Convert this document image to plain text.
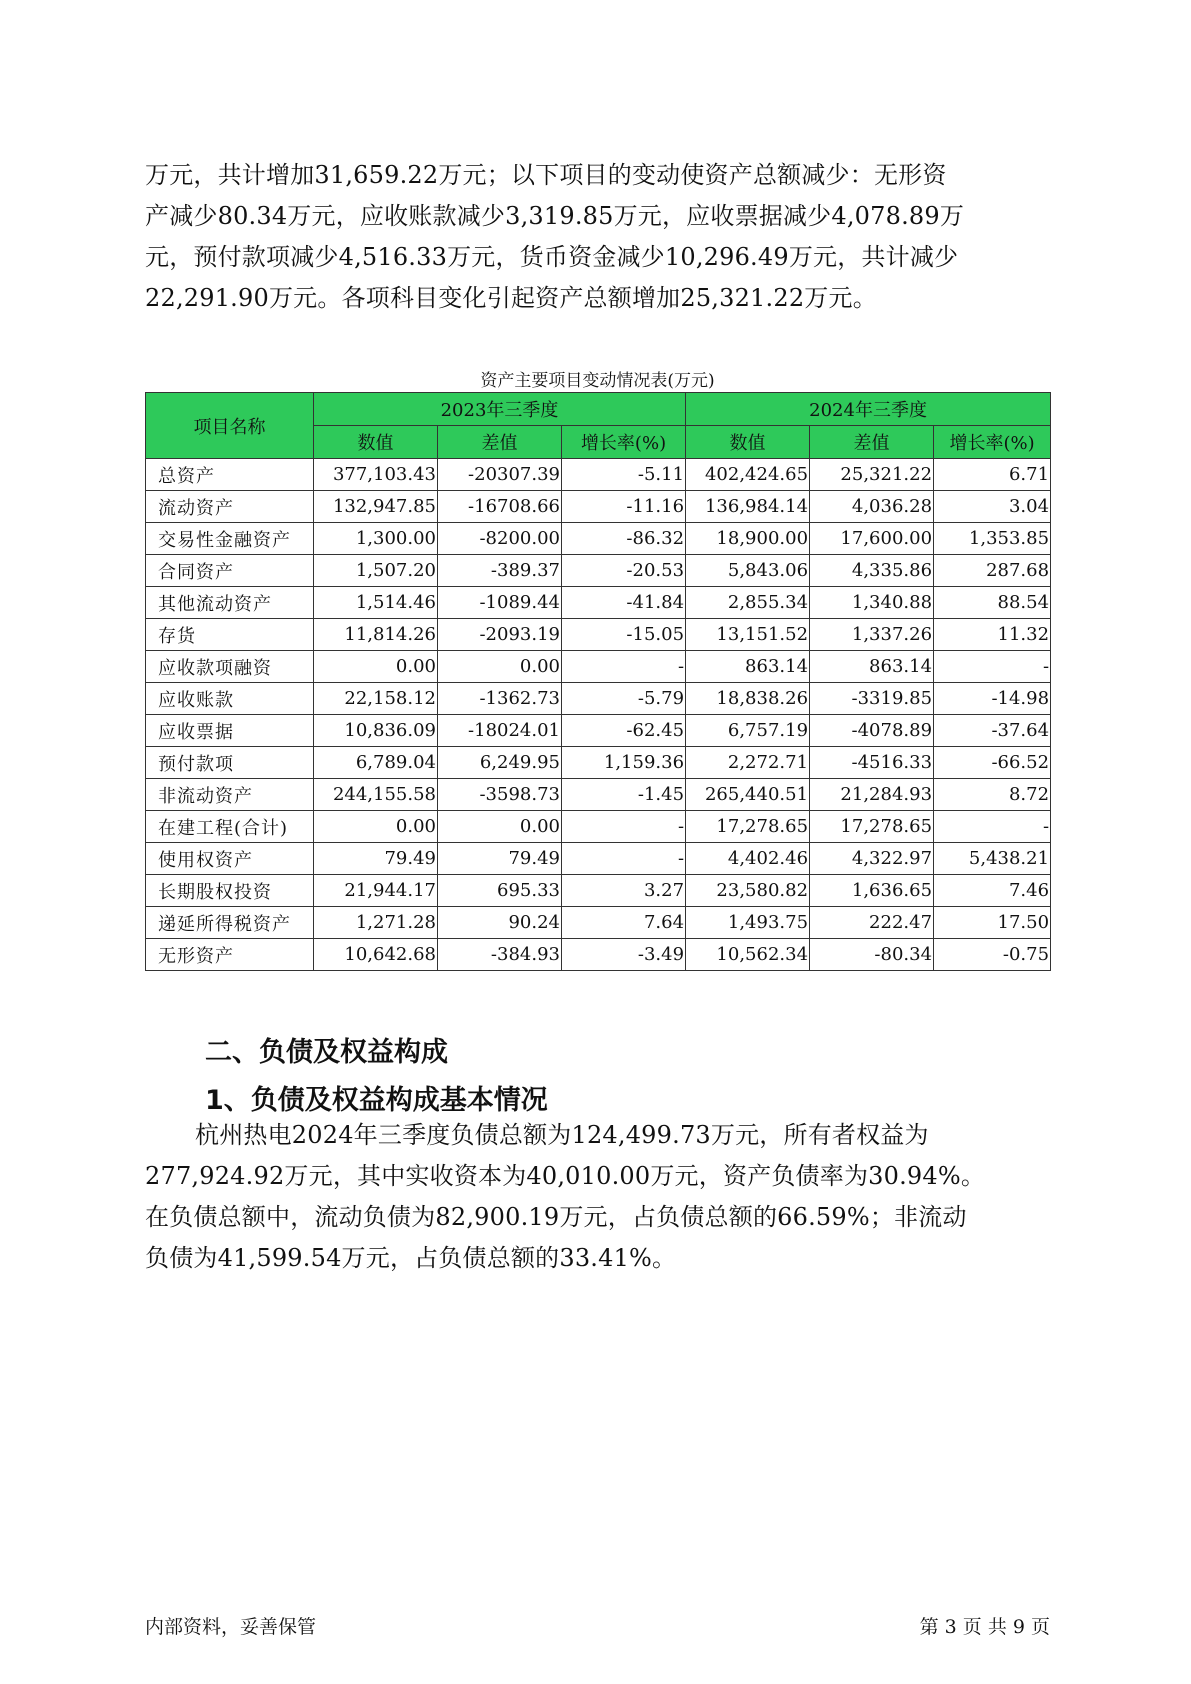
万元，共计增加31,659.22万元；以下项目的变动使资产总额减少：无形资
产减少80.34万元，应收账款减少3,319.85万元，应收票据减少4,078.89万
元，预付款项减少4,516.33万元，货币资金减少10,296.49万元，共计减少
22,291.90万元。各项科目变化引起资产总额增加25,321.22万元。
资产主要项目变动情况表(万元)
项目名称	2023年三季度			2024年三季度		
	数值	差值	增长率(%)	数值	差值	增长率(%)
总资产	377,103.43	-20307.39	-5.11	402,424.65	25,321.22	6.71
流动资产	132,947.85	-16708.66	-11.16	136,984.14	4,036.28	3.04
交易性金融资产	1,300.00	-8200.00	-86.32	18,900.00	17,600.00	1,353.85
合同资产	1,507.20	-389.37	-20.53	5,843.06	4,335.86	287.68
其他流动资产	1,514.46	-1089.44	-41.84	2,855.34	1,340.88	88.54
存货	11,814.26	-2093.19	-15.05	13,151.52	1,337.26	11.32
应收款项融资	0.00	0.00	-	863.14	863.14	-
应收账款	22,158.12	-1362.73	-5.79	18,838.26	-3319.85	-14.98
应收票据	10,836.09	-18024.01	-62.45	6,757.19	-4078.89	-37.64
预付款项	6,789.04	6,249.95	1,159.36	2,272.71	-4516.33	-66.52
非流动资产	244,155.58	-3598.73	-1.45	265,440.51	21,284.93	8.72
在建工程(合计)	0.00	0.00	-	17,278.65	17,278.65	-
使用权资产	79.49	79.49	-	4,402.46	4,322.97	5,438.21
长期股权投资	21,944.17	695.33	3.27	23,580.82	1,636.65	7.46
递延所得税资产	1,271.28	90.24	7.64	1,493.75	222.47	17.50
无形资产	10,642.68	-384.93	-3.49	10,562.34	-80.34	-0.75
二、负债及权益构成
1、负债及权益构成基本情况
杭州热电2024年三季度负债总额为124,499.73万元，所有者权益为
277,924.92万元，其中实收资本为40,010.00万元，资产负债率为30.94%。
在负债总额中，流动负债为82,900.19万元，占负债总额的66.59%；非流动
负债为41,599.54万元，占负债总额的33.41%。
内部资料，妥善保管	第 3 页 共 9 页
